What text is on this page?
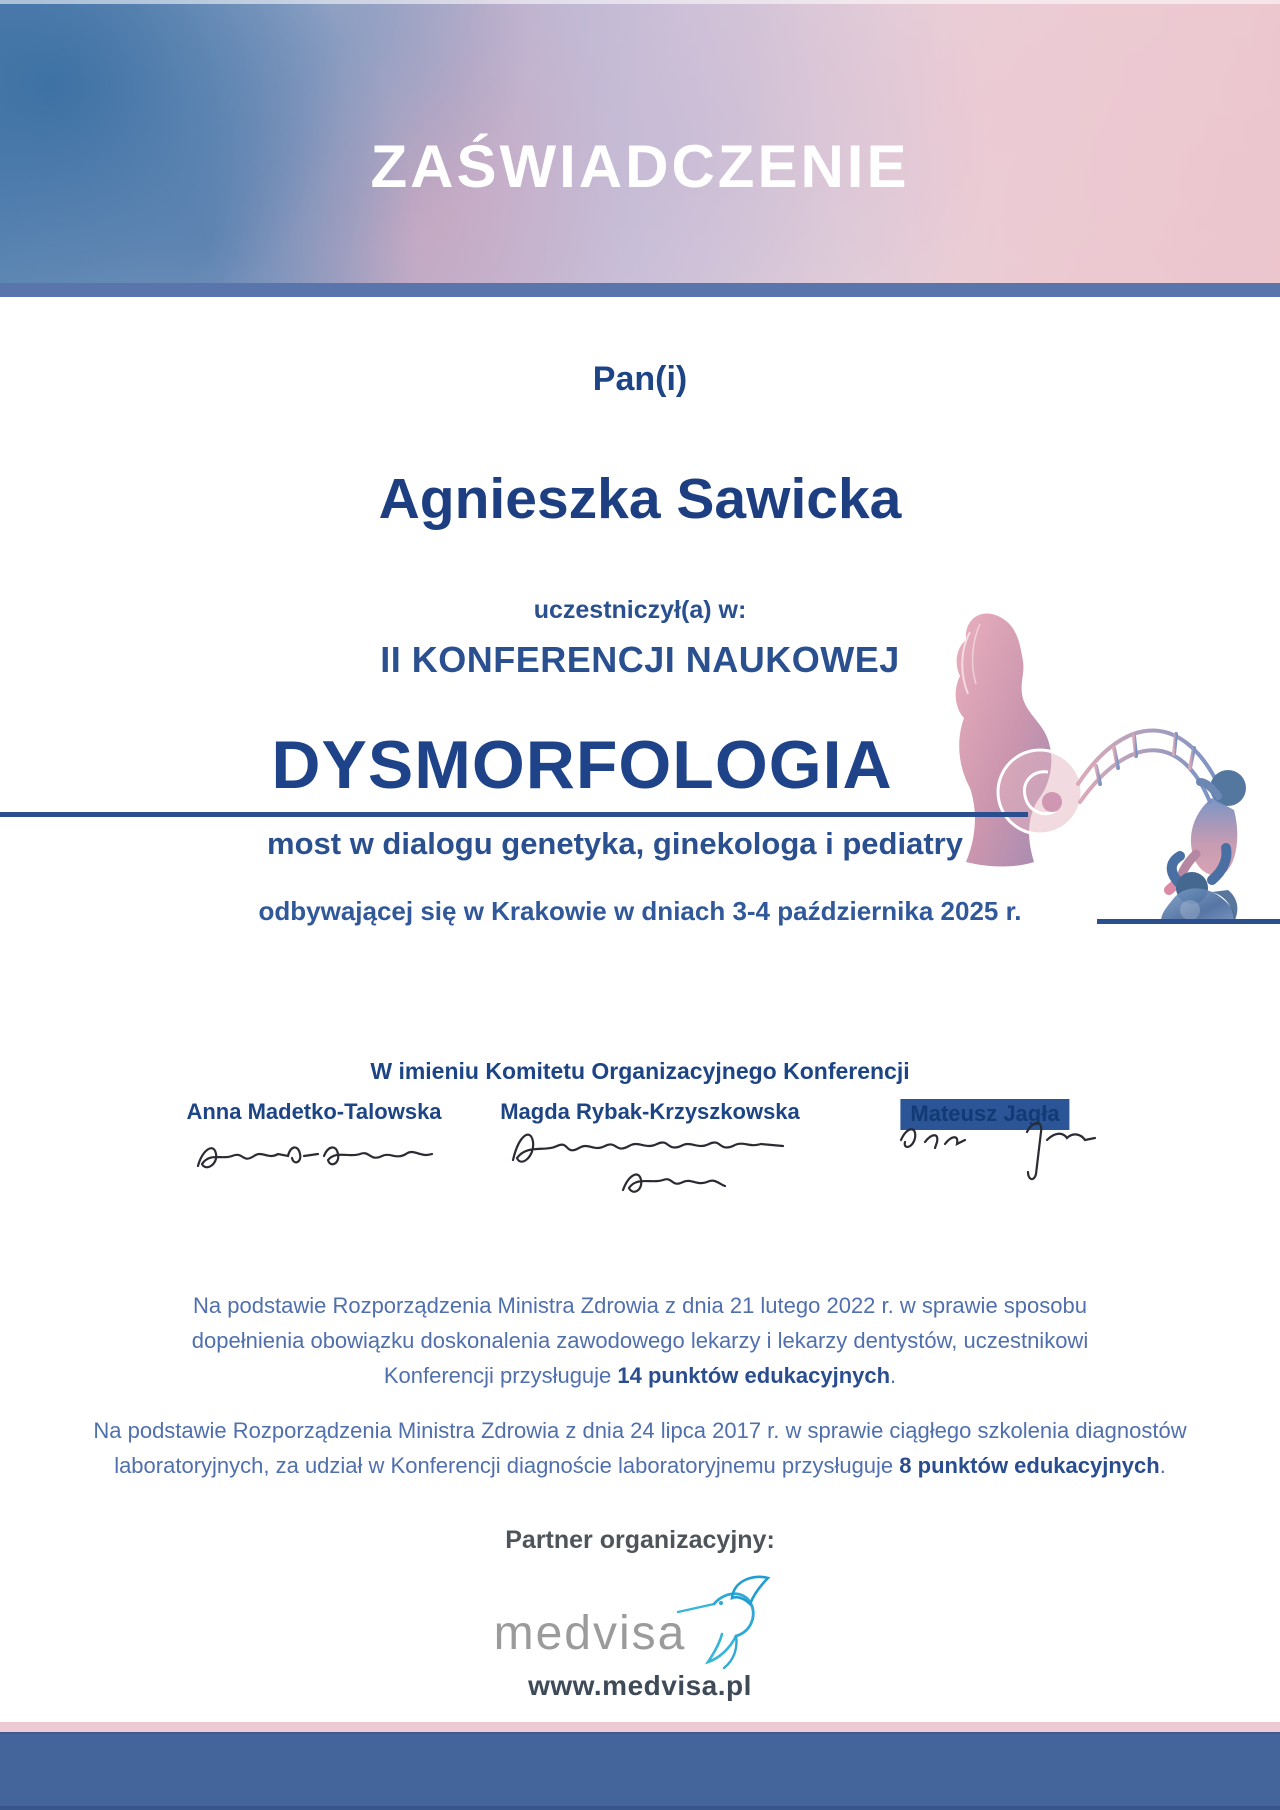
ZAŚWIADCZENIE
Pan(i)
Agnieszka Sawicka
uczestniczył(a) w:
II KONFERENCJI NAUKOWEJ
DYSMORFOLOGIA
most w dialogu genetyka, ginekologa i pediatry
odbywającej się w Krakowie w dniach 3-4 października 2025 r.
W imieniu Komitetu Organizacyjnego Konferencji
Anna Madetko-Talowska	Magda Rybak-Krzyszkowska	Mateusz Jagła

Na podstawie Rozporządzenia Ministra Zdrowia z dnia 21 lutego 2022 r. w sprawie sposobu dopełnienia obowiązku doskonalenia zawodowego lekarzy i lekarzy dentystów, uczestnikowi Konferencji przysługuje 14 punktów edukacyjnych.

Na podstawie Rozporządzenia Ministra Zdrowia z dnia 24 lipca 2017 r. w sprawie ciągłego szkolenia diagnostów laboratoryjnych, za udział w Konferencji diagnoście laboratoryjnemu przysługuje 8 punktów edukacyjnych.

Partner organizacyjny:
medvisa
www.medvisa.pl
